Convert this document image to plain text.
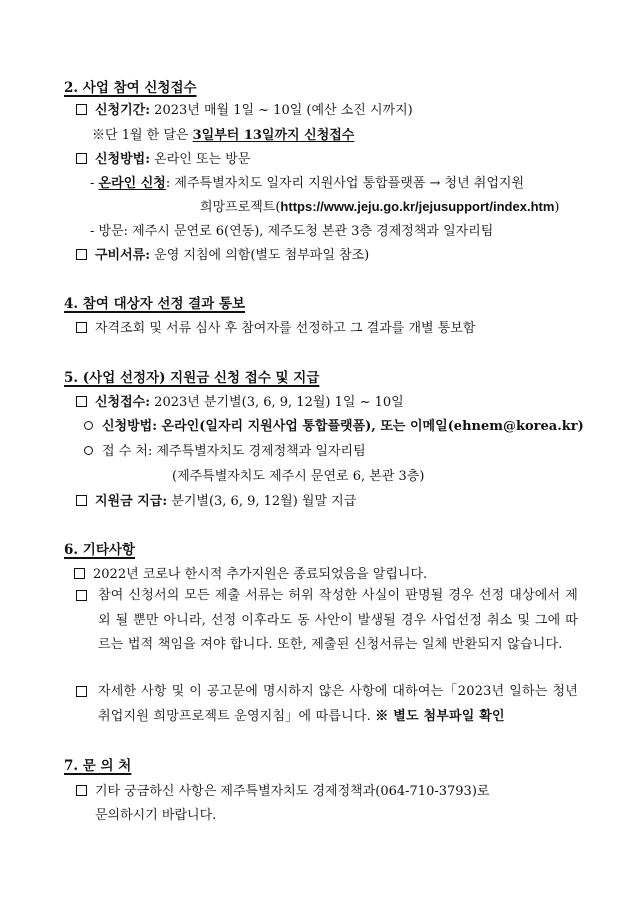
2. 사업 참여 신청접수
신청기간: 2023년 매월 1일 ~ 10일 (예산 소진 시까지)
※단 1월 한 달은 3일부터 13일까지 신청접수
신청방법: 온라인 또는 방문
- 온라인 신청: 제주특별자치도 일자리 지원사업 통합플랫폼 → 청년 취업지원
희망프로젝트(https://www.jeju.go.kr/jejusupport/index.htm)
- 방문: 제주시 문연로 6(연동), 제주도청 본관 3층 경제정책과 일자리팀
구비서류: 운영 지침에 의함(별도 첨부파일 참조)
4. 참여 대상자 선정 결과 통보
자격조회 및 서류 심사 후 참여자를 선정하고 그 결과를 개별 통보함
5. (사업 선정자) 지원금 신청 접수 및 지급
신청접수: 2023년 분기별(3, 6, 9, 12월) 1일 ~ 10일
신청방법: 온라인(일자리 지원사업 통합플랫폼), 또는 이메일(ehnem@korea.kr)
접 수 처: 제주특별자치도 경제정책과 일자리팀
(제주특별자치도 제주시 문연로 6, 본관 3층)
지원금 지급: 분기별(3, 6, 9, 12월) 월말 지급
6. 기타사항
2022년 코로나 한시적 추가지원은 종료되었음을 알립니다.
참여 신청서의 모든 제출 서류는 허위 작성한 사실이 판명될 경우 선정 대상에서 제외 될 뿐만 아니라, 선정 이후라도 동 사안이 발생될 경우 사업선정 취소 및 그에 따르는 법적 책임을 져야 합니다. 또한, 제출된 신청서류는 일체 반환되지 않습니다.
자세한 사항 및 이 공고문에 명시하지 않은 사항에 대하여는「2023년 일하는 청년 취업지원 희망프로젝트 운영지침」에 따릅니다. ※ 별도 첨부파일 확인
7. 문 의 처
기타 궁금하신 사항은 제주특별자치도 경제정책과(064-710-3793)로
문의하시기 바랍니다.
